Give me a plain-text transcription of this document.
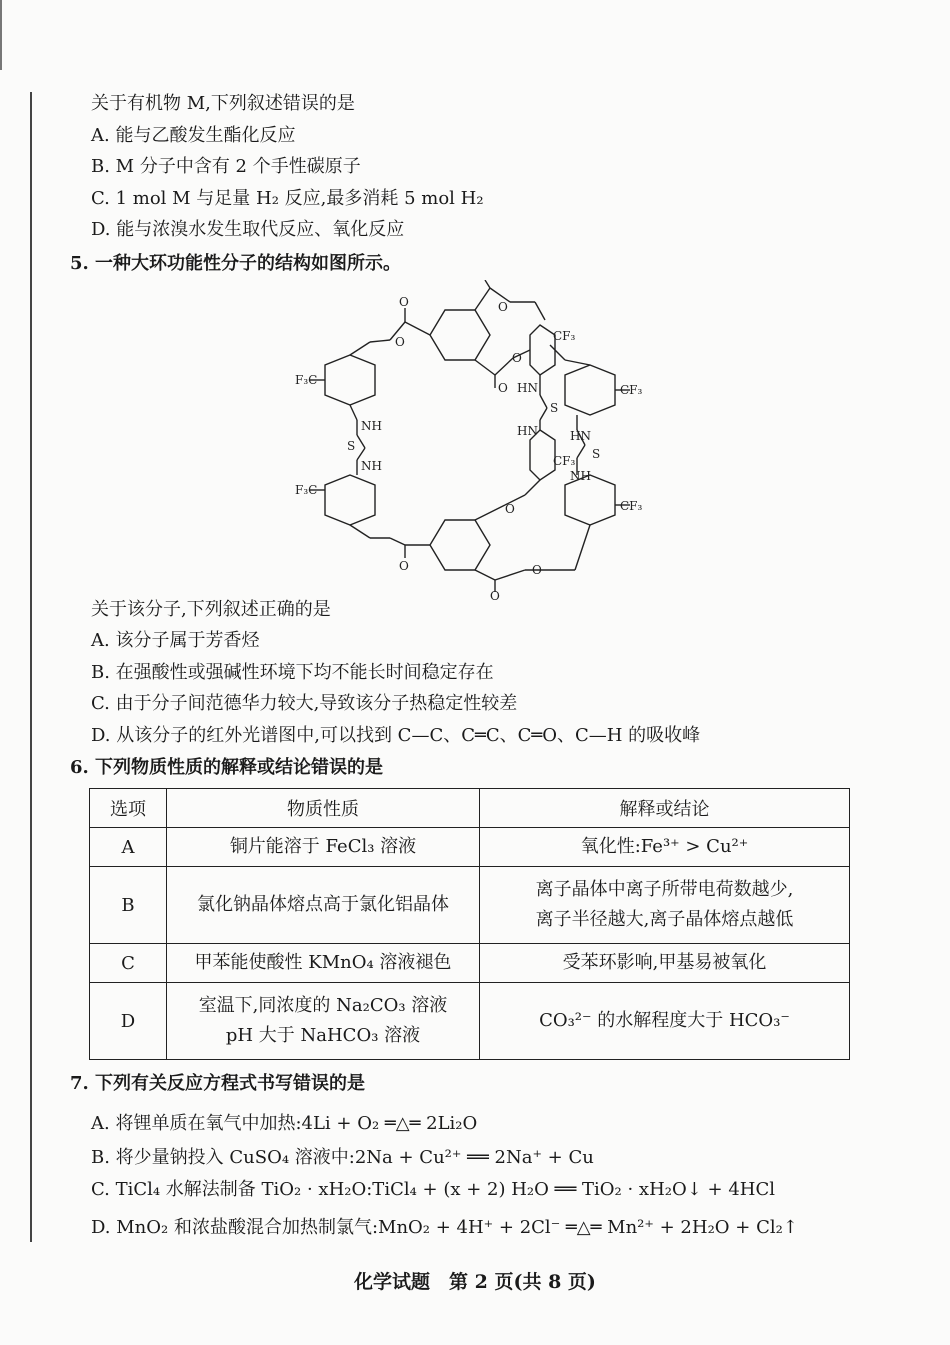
关于有机物 M,下列叙述错误的是
A. 能与乙酸发生酯化反应
B. M 分子中含有 2 个手性碳原子
C. 1 mol M 与足量 H₂ 反应,最多消耗 5 mol H₂
D. 能与浓溴水发生取代反应、氧化反应
5. 一种大环功能性分子的结构如图所示。
O
O
O
O
O
CF₃
CF₃
F₃C
F₃C
NH
S
NH
HN
S
HN
CF₃
HN
S
NH
CF₃
O
O
O
O
关于该分子,下列叙述正确的是
A. 该分子属于芳香烃
B. 在强酸性或强碱性环境下均不能长时间稳定存在
C. 由于分子间范德华力较大,导致该分子热稳定性较差
D. 从该分子的红外光谱图中,可以找到 C—C、C═C、C═O、C—H 的吸收峰
6. 下列物质性质的解释或结论错误的是
选项	物质性质	解释或结论
A	铜片能溶于 FeCl₃ 溶液	氧化性:Fe³⁺ > Cu²⁺

B	氯化钠晶体熔点高于氯化铝晶体	离子晶体中离子所带电荷数越少,
离子半径越大,离子晶体熔点越低

C	甲苯能使酸性 KMnO₄ 溶液褪色	受苯环影响,甲基易被氧化

D	室温下,同浓度的 Na₂CO₃ 溶液
pH 大于 NaHCO₃ 溶液	CO₃²⁻ 的水解程度大于 HCO₃⁻
7. 下列有关反应方程式书写错误的是
A. 将锂单质在氧气中加热:4Li + O₂ ═△═ 2Li₂O
B. 将少量钠投入 CuSO₄ 溶液中:2Na + Cu²⁺ ══ 2Na⁺ + Cu
C. TiCl₄ 水解法制备 TiO₂ · xH₂O:TiCl₄ + (x + 2) H₂O ══ TiO₂ · xH₂O↓ + 4HCl
D. MnO₂ 和浓盐酸混合加热制氯气:MnO₂ + 4H⁺ + 2Cl⁻ ═△═ Mn²⁺ + 2H₂O + Cl₂↑
化学试题　第 2 页(共 8 页)
